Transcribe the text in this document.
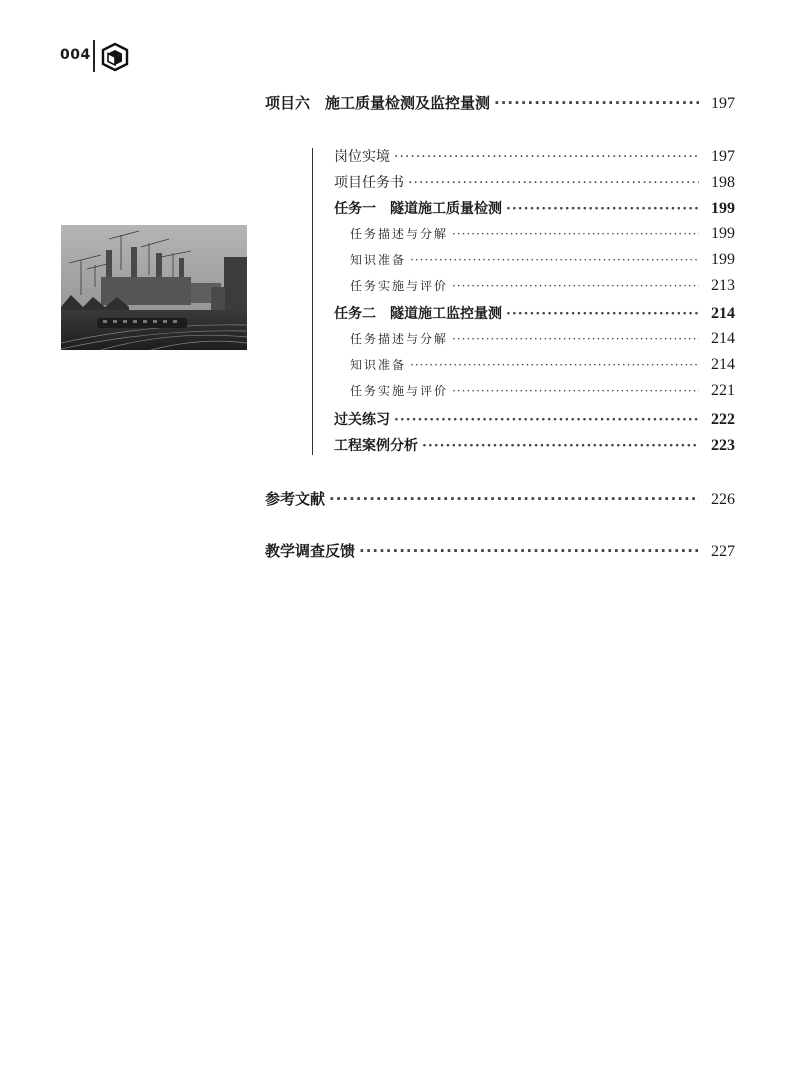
004
项目六　施工质量检测及监控量测 ·····	197
岗位实境 ·····	197
项目任务书 ·····	198
任务一　隧道施工质量检测 ·····	199
任务描述与分解 ·····	199
知识准备 ·····	199
任务实施与评价 ·····	213
任务二　隧道施工监控量测 ·····	214
任务描述与分解 ·····	214
知识准备 ·····	214
任务实施与评价 ·····	221
过关练习 ·····	222
工程案例分析 ·····	223
参考文献 ·····	226
教学调查反馈 ·····	227
